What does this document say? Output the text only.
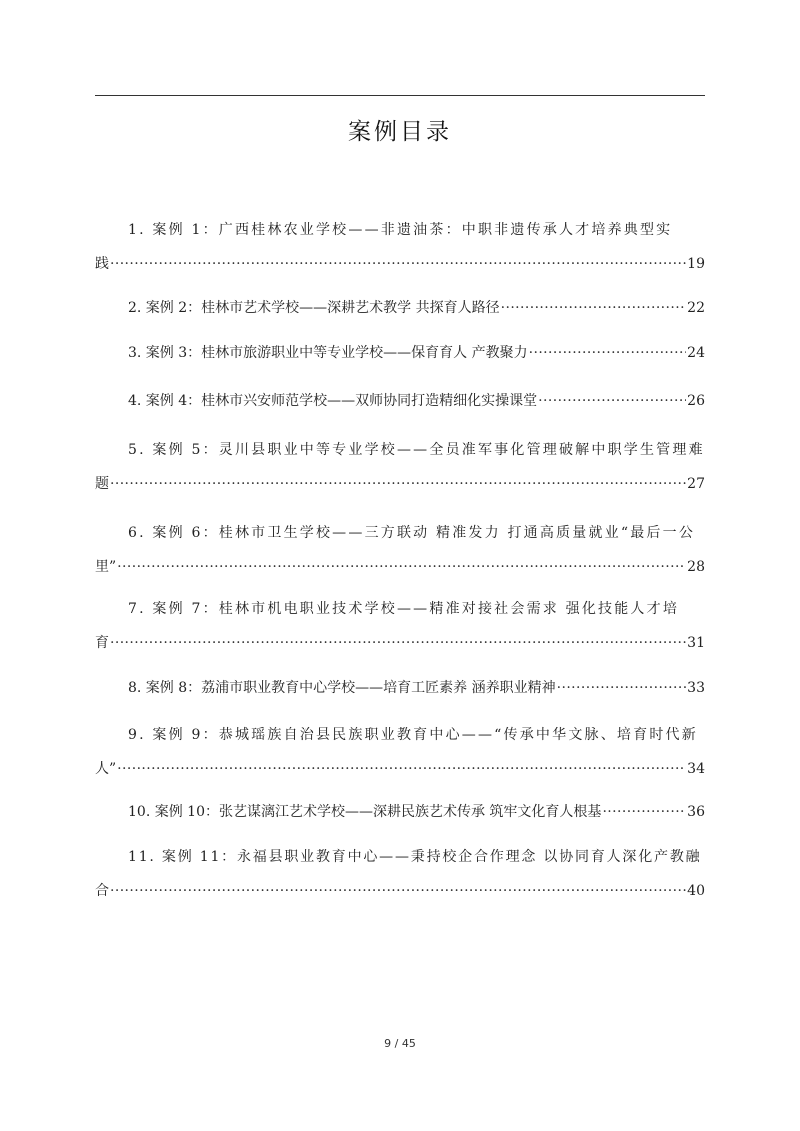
案例目录
1. 案例 1：广西桂林农业学校——非遗油茶：中职非遗传承人才培养典型实
践 ·····	19
2. 案例 2：桂林市艺术学校——深耕艺术教学 共探育人路径 ·····	22
3. 案例 3：桂林市旅游职业中等专业学校——保育育人 产教聚力 ·····	24
4. 案例 4：桂林市兴安师范学校——双师协同打造精细化实操课堂 ·····	26
5. 案例 5：灵川县职业中等专业学校——全员准军事化管理破解中职学生管理难
题 ·····	27
6. 案例 6：桂林市卫生学校——三方联动 精准发力 打通高质量就业“最后一公
里” ·····	28
7. 案例 7：桂林市机电职业技术学校——精准对接社会需求 强化技能人才培
育 ·····	31
8. 案例 8：荔浦市职业教育中心学校——培育工匠素养 涵养职业精神 ·····	33
9. 案例 9：恭城瑶族自治县民族职业教育中心——“传承中华文脉、培育时代新
人” ·····	34
10. 案例 10：张艺谋漓江艺术学校——深耕民族艺术传承 筑牢文化育人根基 ·····	36
11. 案例 11：永福县职业教育中心——秉持校企合作理念 以协同育人深化产教融
合 ·····	40
9 / 45
